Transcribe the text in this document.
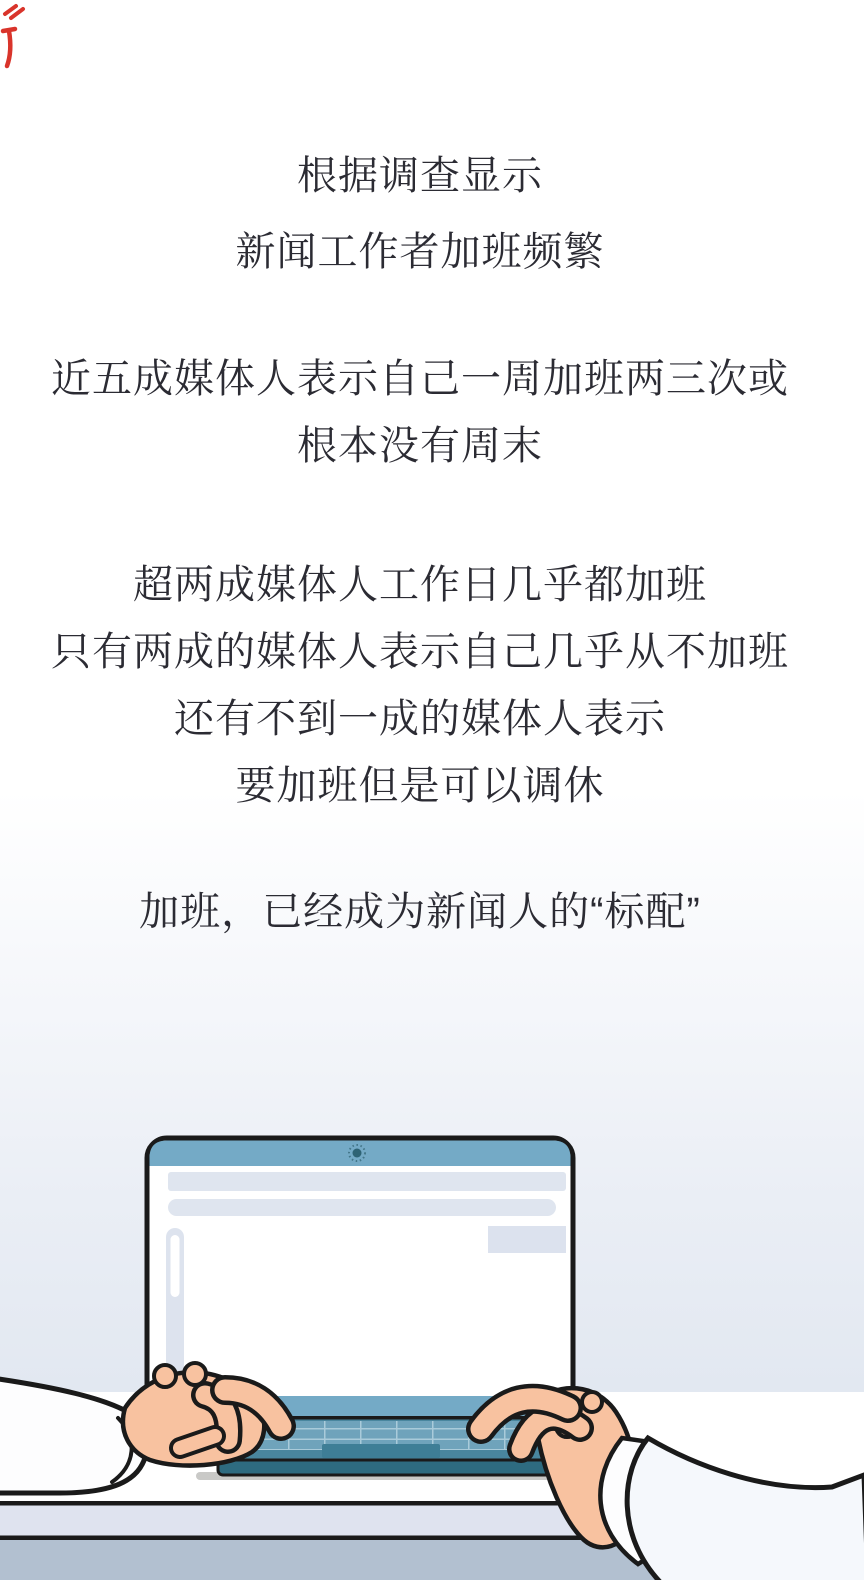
根据调查显示
新闻工作者加班频繁
近五成媒体人表示自己一周加班两三次或
根本没有周末
超两成媒体人工作日几乎都加班
只有两成的媒体人表示自己几乎从不加班
还有不到一成的媒体人表示
要加班但是可以调休
加班，已经成为新闻人的“标配”
